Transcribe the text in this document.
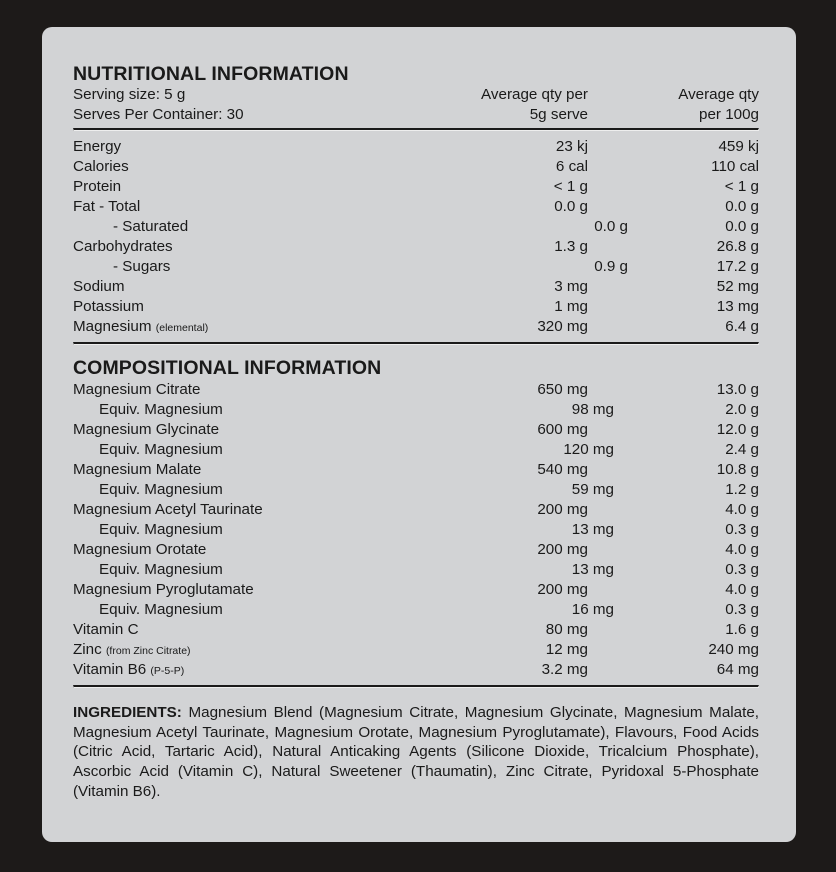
NUTRITIONAL INFORMATION
Serving size: 5 g
Serves Per Container: 30
Average qty per
5g serve
Average qty
per 100g
Energy	23 kj	459 kj
Calories	6 cal	110 cal
Protein	< 1 g	< 1 g
Fat - Total	0.0 g	0.0 g
- Saturated	0.0 g	0.0 g
Carbohydrates	1.3 g	26.8 g
- Sugars	0.9 g	17.2 g
Sodium	3 mg	52 mg
Potassium	1 mg	13 mg
Magnesium (elemental)	320 mg	6.4 g
COMPOSITIONAL INFORMATION
Magnesium Citrate	650 mg	13.0 g
Equiv. Magnesium	98 mg	2.0 g
Magnesium Glycinate	600 mg	12.0 g
Equiv. Magnesium	120 mg	2.4 g
Magnesium Malate	540 mg	10.8 g
Equiv. Magnesium	59 mg	1.2 g
Magnesium Acetyl Taurinate	200 mg	4.0 g
Equiv. Magnesium	13 mg	0.3 g
Magnesium Orotate	200 mg	4.0 g
Equiv. Magnesium	13 mg	0.3 g
Magnesium Pyroglutamate	200 mg	4.0 g
Equiv. Magnesium	16 mg	0.3 g
Vitamin C	80 mg	1.6 g
Zinc (from Zinc Citrate)	12 mg	240 mg
Vitamin B6 (P-5-P)	3.2 mg	64 mg
INGREDIENTS: Magnesium Blend (Magnesium Citrate, Magnesium Glycinate, Magnesium Malate, Magnesium Acetyl Taurinate, Magnesium Orotate, Magnesium Pyroglutamate), Flavours, Food Acids (Citric Acid, Tartaric Acid), Natural Anticaking Agents (Silicone Dioxide, Tricalcium Phosphate), Ascorbic Acid (Vitamin C), Natural Sweetener (Thaumatin), Zinc Citrate, Pyridoxal 5-Phosphate (Vitamin B6).
